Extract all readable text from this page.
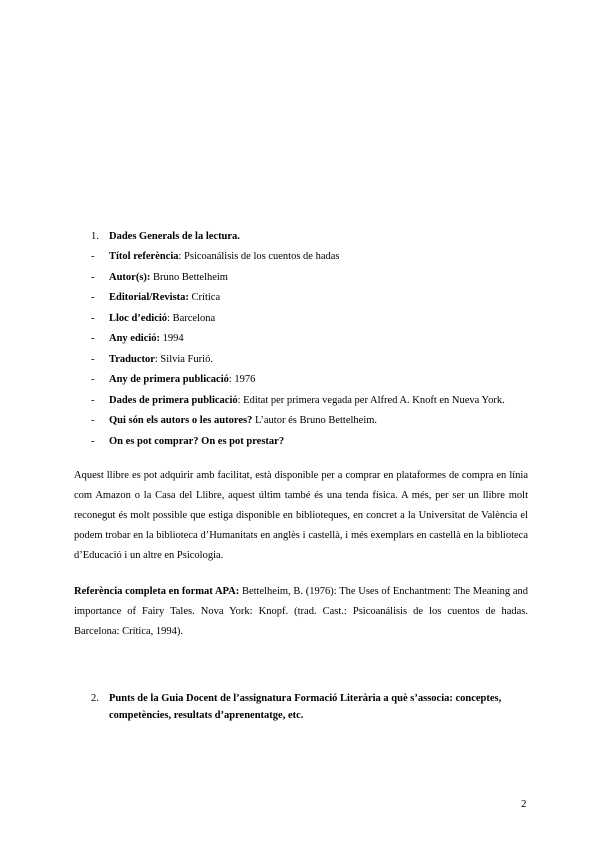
1. Dades Generals de la lectura.
- Títol referència: Psicoanálisis de los cuentos de hadas
- Autor(s): Bruno Bettelheim
- Editorial/Revista: Crítica
- Lloc d’edició: Barcelona
- Any edició: 1994
- Traductor: Silvia Furió.
- Any de primera publicació: 1976
- Dades de primera publicació: Editat per primera vegada per Alfred A. Knoft en Nueva York.
- Qui són els autors o les autores? L’autor és Bruno Bettelheim.
- On es pot comprar? On es pot prestar?

Aquest llibre es pot adquirir amb facilitat, està disponible per a comprar en plataformes de compra en línia com Amazon o la Casa del Llibre, aquest últim també és una tenda física. A més, per ser un llibre molt reconegut és molt possible que estiga disponible en biblioteques, en concret a la Universitat de València el podem trobar en la biblioteca d’Humanitats en anglès i castellà, i més exemplars en castellà en la biblioteca d’Educació i un altre en Psicologia.

Referència completa en format APA: Bettelheim, B. (1976): The Uses of Enchantment: The Meaning and importance of Fairy Tales. Nova York: Knopf. (trad. Cast.: Psicoanálisis de los cuentos de hadas. Barcelona: Crítica, 1994).

2. Punts de la Guia Docent de l’assignatura Formació Literària a què s’associa: conceptes, competències, resultats d’aprenentatge, etc.
2
